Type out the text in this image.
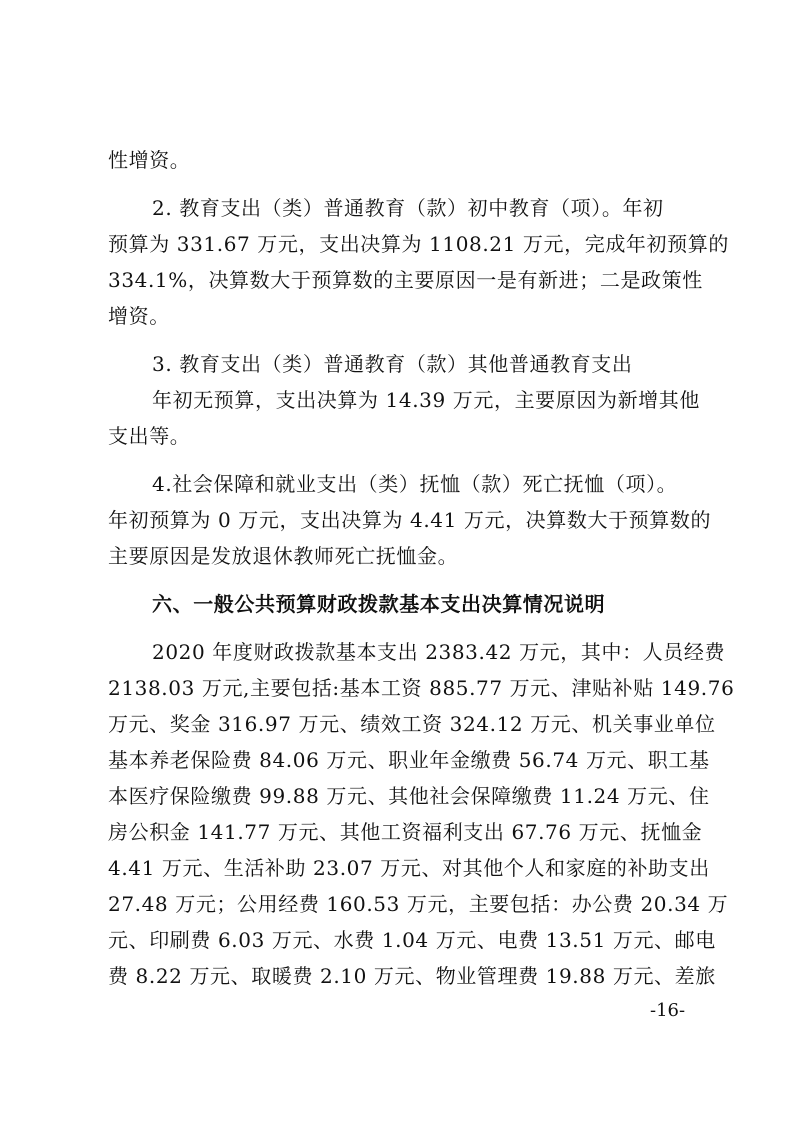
性增资。
2. 教育支出（类）普通教育（款）初中教育（项）。年初
预算为 331.67 万元，支出决算为 1108.21 万元，完成年初预算的
334.1%，决算数大于预算数的主要原因一是有新进；二是政策性
增资。
3. 教育支出（类）普通教育（款）其他普通教育支出
年初无预算，支出决算为 14.39 万元，主要原因为新增其他
支出等。
4.社会保障和就业支出（类）抚恤（款）死亡抚恤（项）。
年初预算为 0 万元，支出决算为 4.41 万元，决算数大于预算数的
主要原因是发放退休教师死亡抚恤金。
六、一般公共预算财政拨款基本支出决算情况说明
2020 年度财政拨款基本支出 2383.42 万元，其中：人员经费
2138.03 万元,主要包括:基本工资 885.77 万元、津贴补贴 149.76
万元、奖金 316.97 万元、绩效工资 324.12 万元、机关事业单位
基本养老保险费 84.06 万元、职业年金缴费 56.74 万元、职工基
本医疗保险缴费 99.88 万元、其他社会保障缴费 11.24 万元、住
房公积金 141.77 万元、其他工资福利支出 67.76 万元、抚恤金
4.41 万元、生活补助 23.07 万元、对其他个人和家庭的补助支出
27.48 万元；公用经费 160.53 万元，主要包括：办公费 20.34 万
元、印刷费 6.03 万元、水费 1.04 万元、电费 13.51 万元、邮电
费 8.22 万元、取暖费 2.10 万元、物业管理费 19.88 万元、差旅
-16-
